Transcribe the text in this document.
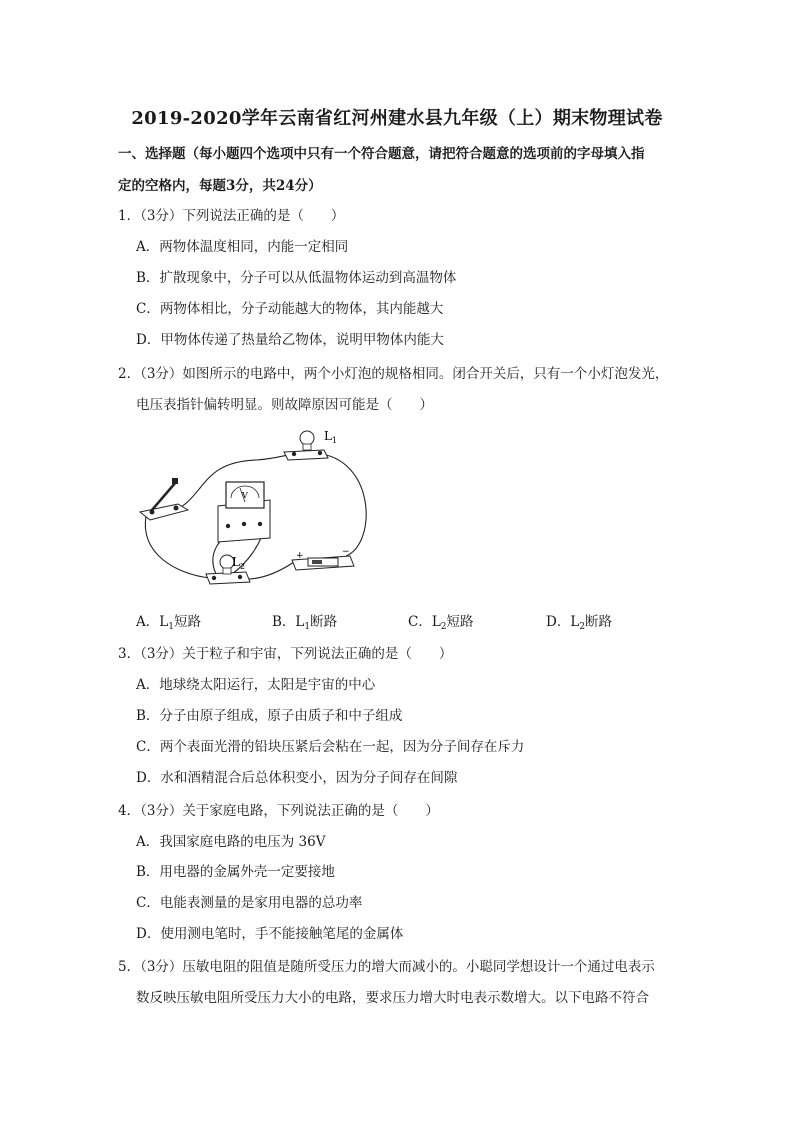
2019-2020学年云南省红河州建水县九年级（上）期末物理试卷
一、选择题（每小题四个选项中只有一个符合题意，请把符合题意的选项前的字母填入指
定的空格内，每题3分，共24分）
1．（3分）下列说法正确的是（　　）
A．两物体温度相同，内能一定相同
B．扩散现象中，分子可以从低温物体运动到高温物体
C．两物体相比，分子动能越大的物体，其内能越大
D．甲物体传递了热量给乙物体，说明甲物体内能大
2．（3分）如图所示的电路中，两个小灯泡的规格相同。闭合开关后，只有一个小灯泡发光，
电压表指针偏转明显。则故障原因可能是（　　）
V
$L_1$
$L_2$
+	−
A．$L_1$短路	B．$L_1$断路	C．$L_2$短路	D．$L_2$断路
3．（3分）关于粒子和宇宙，下列说法正确的是（　　）
A．地球绕太阳运行，太阳是宇宙的中心
B．分子由原子组成，原子由质子和中子组成
C．两个表面光滑的铅块压紧后会粘在一起，因为分子间存在斥力
D．水和酒精混合后总体积变小，因为分子间存在间隙
4．（3分）关于家庭电路，下列说法正确的是（　　）
A．我国家庭电路的电压为 36V
B．用电器的金属外壳一定要接地
C．电能表测量的是家用电器的总功率
D．使用测电笔时，手不能接触笔尾的金属体
5．（3分）压敏电阻的阻值是随所受压力的增大而减小的。小聪同学想设计一个通过电表示
数反映压敏电阻所受压力大小的电路，要求压力增大时电表示数增大。以下电路不符合
